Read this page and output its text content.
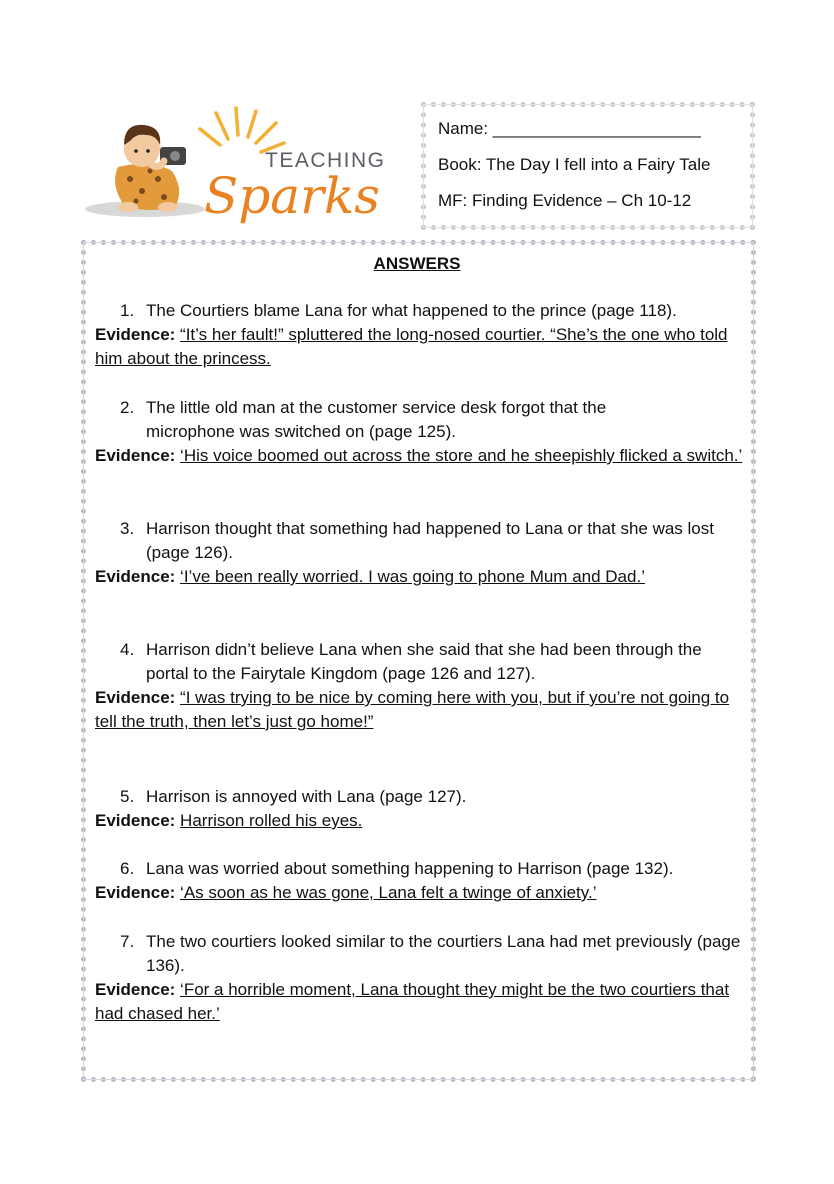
TEACHING
Sparks
Name: ______________________
Book: The Day I fell into a Fairy Tale
MF: Finding Evidence – Ch 10-12
ANSWERS
1. The Courtiers blame Lana for what happened to the prince (page 118).
Evidence: “It’s her fault!” spluttered the long-nosed courtier. “She’s the one who told him about the princess.
2. The little old man at the customer service desk forgot that the microphone was switched on (page 125).
Evidence: ‘His voice boomed out across the store and he sheepishly flicked a switch.’
3. Harrison thought that something had happened to Lana or that she was lost (page 126).
Evidence: ‘I’ve been really worried. I was going to phone Mum and Dad.’
4. Harrison didn’t believe Lana when she said that she had been through the portal to the Fairytale Kingdom (page 126 and 127).
Evidence: “I was trying to be nice by coming here with you, but if you’re not going to tell the truth, then let’s just go home!”
5. Harrison is annoyed with Lana (page 127).
Evidence: Harrison rolled his eyes.
6. Lana was worried about something happening to Harrison (page 132).
Evidence: ‘As soon as he was gone, Lana felt a twinge of anxiety.’
7. The two courtiers looked similar to the courtiers Lana had met previously (page 136).
Evidence: ‘For a horrible moment, Lana thought they might be the two courtiers that had chased her.’
